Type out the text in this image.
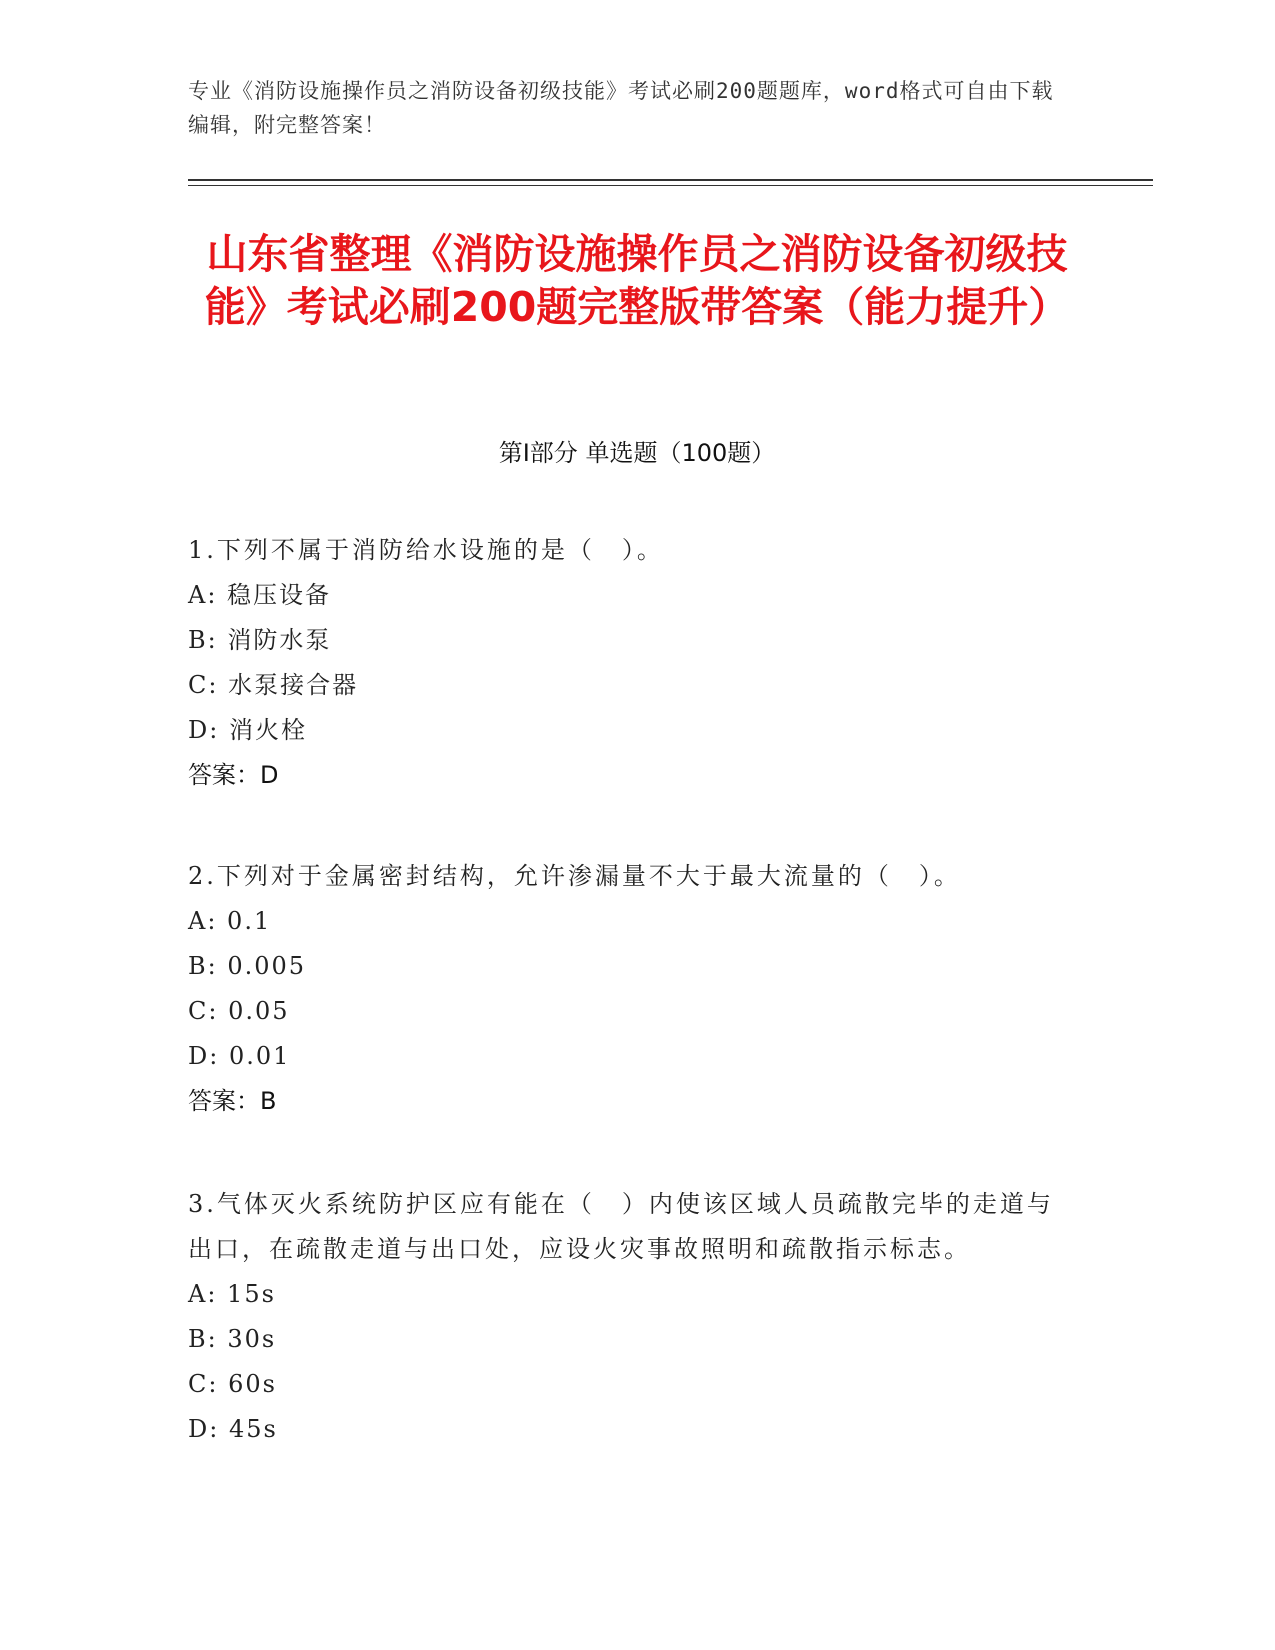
专业《消防设施操作员之消防设备初级技能》考试必刷200题题库，word格式可自由下载编辑，附完整答案！
山东省整理《消防设施操作员之消防设备初级技能》考试必刷200题完整版带答案（能力提升）
第Ⅰ部分 单选题（100题）

1.下列不属于消防给水设施的是（　）。

A: 稳压设备

B: 消防水泵

C: 水泵接合器

D: 消火栓

答案：D

2.下列对于金属密封结构，允许渗漏量不大于最大流量的（　）。

A: 0.1

B: 0.005

C: 0.05

D: 0.01

答案：B

3.气体灭火系统防护区应有能在（　）内使该区域人员疏散完毕的走道与出口，在疏散走道与出口处，应设火灾事故照明和疏散指示标志。

A: 15s

B: 30s

C: 60s

D: 45s
